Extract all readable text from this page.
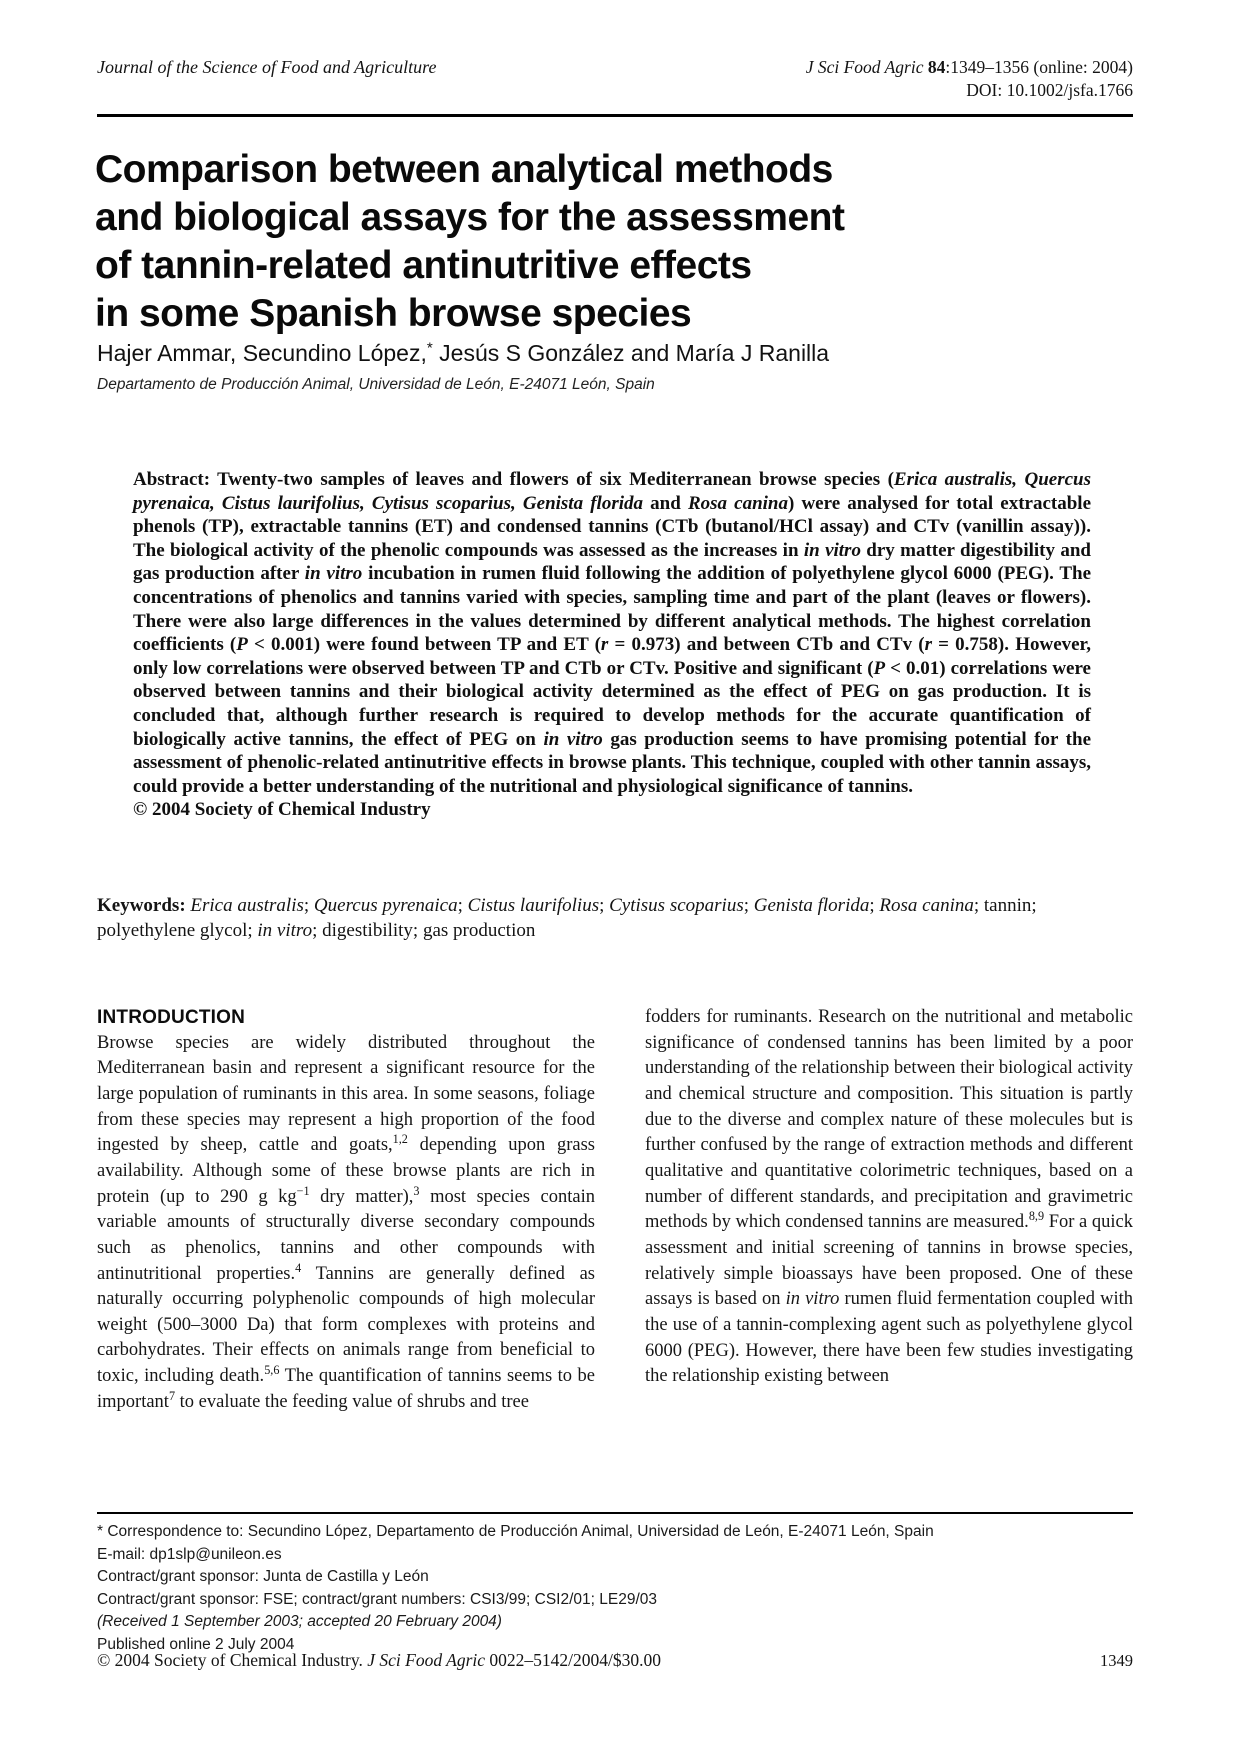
Journal of the Science of Food and Agriculture	J Sci Food Agric 84:1349–1356 (online: 2004)
DOI: 10.1002/jsfa.1766
Comparison between analytical methods
and biological assays for the assessment
of tannin-related antinutritive effects
in some Spanish browse species
Hajer Ammar, Secundino López,* Jesús S González and María J Ranilla
Departamento de Producción Animal, Universidad de León, E-24071 León, Spain

Abstract: Twenty-two samples of leaves and flowers of six Mediterranean browse species (Erica australis, Quercus pyrenaica, Cistus laurifolius, Cytisus scoparius, Genista florida and Rosa canina) were analysed for total extractable phenols (TP), extractable tannins (ET) and condensed tannins (CTb (butanol/HCl assay) and CTv (vanillin assay)). The biological activity of the phenolic compounds was assessed as the increases in in vitro dry matter digestibility and gas production after in vitro incubation in rumen fluid following the addition of polyethylene glycol 6000 (PEG). The concentrations of phenolics and tannins varied with species, sampling time and part of the plant (leaves or flowers). There were also large differences in the values determined by different analytical methods. The highest correlation coefficients (P < 0.001) were found between TP and ET (r = 0.973) and between CTb and CTv (r = 0.758). However, only low correlations were observed between TP and CTb or CTv. Positive and significant (P < 0.01) correlations were observed between tannins and their biological activity determined as the effect of PEG on gas production. It is concluded that, although further research is required to develop methods for the accurate quantification of biologically active tannins, the effect of PEG on in vitro gas production seems to have promising potential for the assessment of phenolic-related antinutritive effects in browse plants. This technique, coupled with other tannin assays, could provide a better understanding of the nutritional and physiological significance of tannins.

© 2004 Society of Chemical Industry

Keywords: Erica australis; Quercus pyrenaica; Cistus laurifolius; Cytisus scoparius; Genista florida; Rosa canina; tannin; polyethylene glycol; in vitro; digestibility; gas production
INTRODUCTION

Browse species are widely distributed throughout the Mediterranean basin and represent a significant resource for the large population of ruminants in this area. In some seasons, foliage from these species may represent a high proportion of the food ingested by sheep, cattle and goats,$^{1,2}$ depending upon grass availability. Although some of these browse plants are rich in protein (up to 290 g $kg^{-1}$ dry matter),$^3$ most species contain variable amounts of structurally diverse secondary compounds such as phenolics, tannins and other compounds with antinutritional properties.$^4$ Tannins are generally defined as naturally occurring polyphenolic compounds of high molecular weight (500–3000 Da) that form complexes with proteins and carbohydrates. Their effects on animals range from beneficial to toxic, including death.$^{5,6}$ The quantification of tannins seems to be important$^7$ to evaluate the feeding value of shrubs and tree

fodders for ruminants. Research on the nutritional and metabolic significance of condensed tannins has been limited by a poor understanding of the relationship between their biological activity and chemical structure and composition. This situation is partly due to the diverse and complex nature of these molecules but is further confused by the range of extraction methods and different qualitative and quantitative colorimetric techniques, based on a number of different standards, and precipitation and gravimetric methods by which condensed tannins are measured.$^{8,9}$ For a quick assessment and initial screening of tannins in browse species, relatively simple bioassays have been proposed. One of these assays is based on in vitro rumen fluid fermentation coupled with the use of a tannin-complexing agent such as polyethylene glycol 6000 (PEG). However, there have been few studies investigating the relationship existing between

* Correspondence to: Secundino López, Departamento de Producción Animal, Universidad de León, E-24071 León, Spain
E-mail: dp1slp@unileon.es
Contract/grant sponsor: Junta de Castilla y León
Contract/grant sponsor: FSE; contract/grant numbers: CSI3/99; CSI2/01; LE29/03
(Received 1 September 2003; accepted 20 February 2004)
Published online 2 July 2004
© 2004 Society of Chemical Industry. J Sci Food Agric 0022–5142/2004/$30.00	1349
